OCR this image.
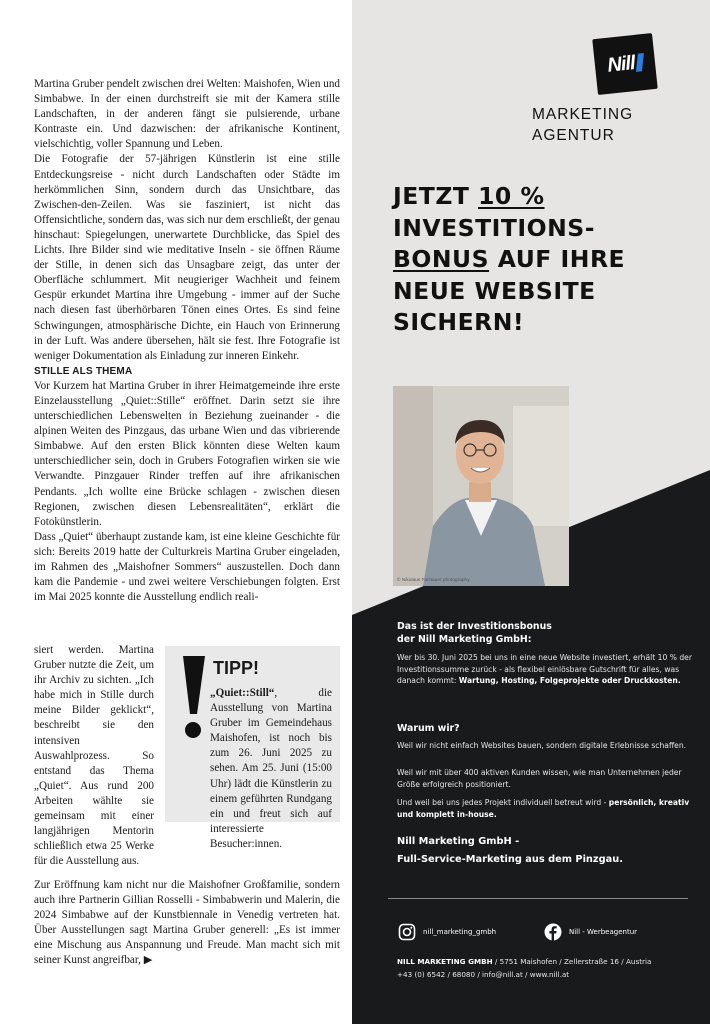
Martina Gruber pendelt zwischen drei Welten: Maishofen, Wien und Simbabwe. In der einen durchstreift sie mit der Kamera stille Landschaften, in der anderen fängt sie pulsierende, urbane Kontraste ein. Und dazwischen: der afrikanische Kontinent, vielschichtig, voller Spannung und Leben.

Die Fotografie der 57-jährigen Künstlerin ist eine stille Entdeckungsreise - nicht durch Landschaften oder Städte im herkömmlichen Sinn, sondern durch das Unsichtbare, das Zwischen-den-Zeilen. Was sie fasziniert, ist nicht das Offensichtliche, sondern das, was sich nur dem erschließt, der genau hinschaut: Spiegelungen, unerwartete Durchblicke, das Spiel des Lichts. Ihre Bilder sind wie meditative Inseln - sie öffnen Räume der Stille, in denen sich das Unsagbare zeigt, das unter der Oberfläche schlummert. Mit neugieriger Wachheit und feinem Gespür erkundet Martina ihre Umgebung - immer auf der Suche nach diesen fast überhörbaren Tönen eines Ortes. Es sind feine Schwingungen, atmosphärische Dichte, ein Hauch von Erinnerung in der Luft. Was andere übersehen, hält sie fest. Ihre Fotografie ist weniger Dokumentation als Einladung zur inneren Einkehr.

STILLE ALS THEMA

Vor Kurzem hat Martina Gruber in ihrer Heimatgemeinde ihre erste Einzelausstellung „Quiet::Stille“ eröffnet. Darin setzt sie ihre unterschiedlichen Lebenswelten in Beziehung zueinander - die alpinen Weiten des Pinzgaus, das urbane Wien und das vibrierende Simbabwe. Auf den ersten Blick könnten diese Welten kaum unterschiedlicher sein, doch in Grubers Fotografien wirken sie wie Verwandte. Pinzgauer Rinder treffen auf ihre afrikanischen Pendants. „Ich wollte eine Brücke schlagen - zwischen diesen Regionen, zwischen diesen Lebensrealitäten“, erklärt die Fotokünstlerin.

Dass „Quiet“ überhaupt zustande kam, ist eine kleine Geschichte für sich: Bereits 2019 hatte der Culturkreis Martina Gruber eingeladen, im Rahmen des „Maishofner Sommers“ auszustellen. Doch dann kam die Pandemie - und zwei weitere Verschiebungen folgten. Erst im Mai 2025 konnte die Ausstellung endlich reali-

siert werden. Martina Gruber nutzte die Zeit, um ihr Archiv zu sichten. „Ich habe mich in Stille durch meine Bilder geklickt“, beschreibt sie den intensiven Auswahlprozess. So entstand das Thema „Quiet“. Aus rund 200 Arbeiten wählte sie gemeinsam mit einer langjährigen Mentorin schließlich etwa 25 Werke für die Ausstellung aus.
Zur Eröffnung kam nicht nur die Maishofner Großfamilie, sondern auch ihre Partnerin Gillian Rosselli - Simbabwerin und Malerin, die 2024 Simbabwe auf der Kunstbiennale in Venedig vertreten hat. Über Ausstellungen sagt Martina Gruber generell: „Es ist immer eine Mischung aus Anspannung und Freude. Man macht sich mit seiner Kunst angreifbar, ▶
TIPP!
„Quiet::Still“, die Ausstellung von Martina Gruber im Gemeindehaus Maishofen, ist noch bis zum 26. Juni 2025 zu sehen. Am 25. Juni (15:00 Uhr) lädt die Künstlerin zu einem geführten Rundgang ein und freut sich auf interessierte Besucher:innen.
Nill
MARKETING
AGENTUR
JETZT 10 %
INVESTITIONS-
BONUS AUF IHRE
NEUE WEBSITE
SICHERN!
© Nikolaus Faistauer photography
Das ist der Investitionsbonus
der Nill Marketing GmbH:
Wer bis 30. Juni 2025 bei uns in eine neue Website investiert, erhält 10 % der Investitionssumme zurück - als flexibel einlösbare Gutschrift für alles, was danach kommt: Wartung, Hosting, Folgeprojekte oder Druckkosten.
Warum wir?
Weil wir nicht einfach Websites bauen, sondern digitale Erlebnisse schaffen.
Weil wir mit über 400 aktiven Kunden wissen, wie man Unternehmen jeder Größe erfolgreich positioniert.
Und weil bei uns jedes Projekt individuell betreut wird - persönlich, kreativ und komplett in-house.
Nill Marketing GmbH -
Full-Service-Marketing aus dem Pinzgau.
nill_marketing_gmbh	Nill - Werbeagentur
NILL MARKETING GMBH / 5751 Maishofen / Zellerstraße 16 / Austria
+43 (0) 6542 / 68080 / info@nill.at / www.nill.at
